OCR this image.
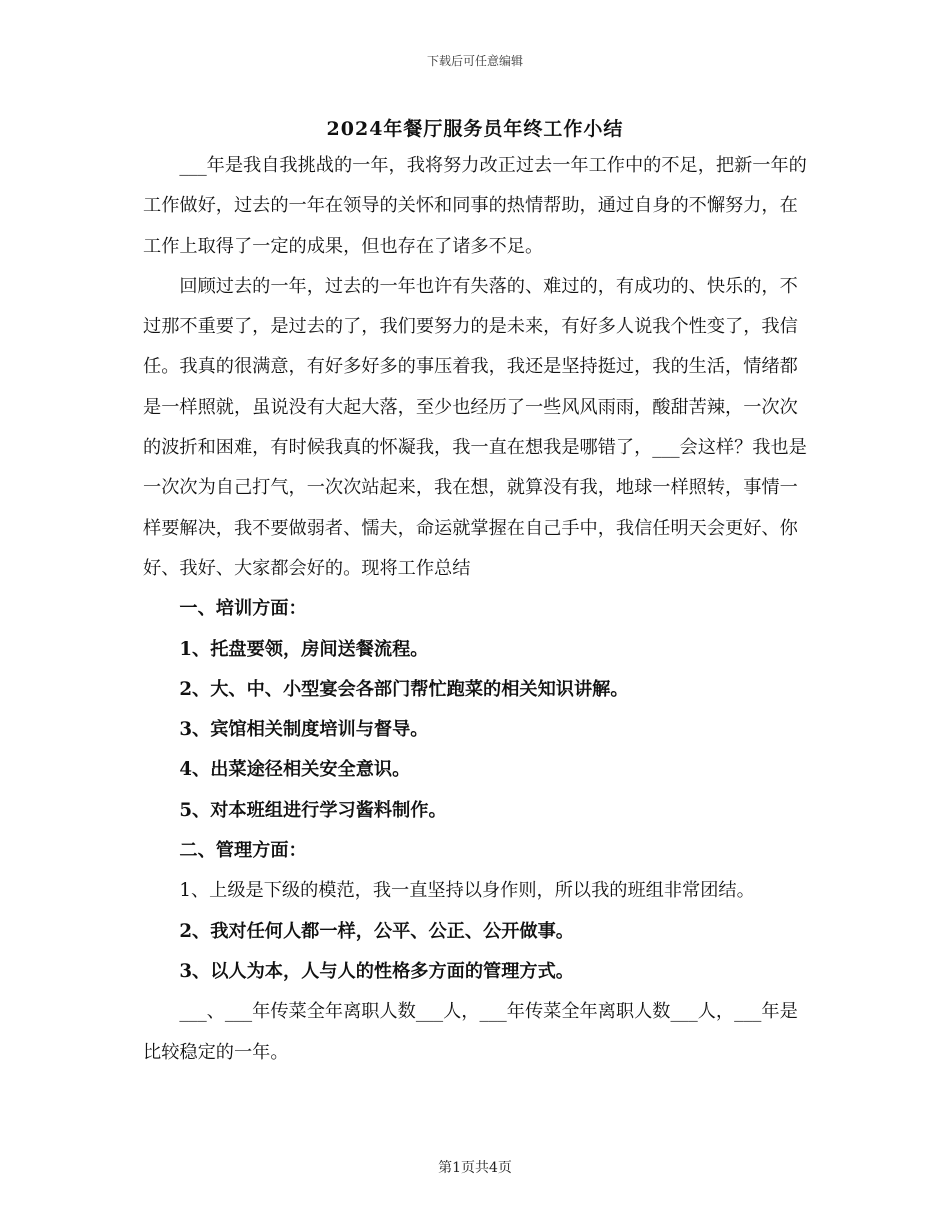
下载后可任意编辑
2024年餐厅服务员年终工作小结

___年是我自我挑战的一年，我将努力改正过去一年工作中的不足，把新一年的工作做好，过去的一年在领导的关怀和同事的热情帮助，通过自身的不懈努力，在工作上取得了一定的成果，但也存在了诸多不足。

回顾过去的一年，过去的一年也许有失落的、难过的，有成功的、快乐的，不过那不重要了，是过去的了，我们要努力的是未来，有好多人说我个性变了，我信任。我真的很满意，有好多好多的事压着我，我还是坚持挺过，我的生活，情绪都是一样照就，虽说没有大起大落，至少也经历了一些风风雨雨，酸甜苦辣，一次次的波折和困难，有时候我真的怀凝我，我一直在想我是哪错了，___会这样？我也是一次次为自己打气，一次次站起来，我在想，就算没有我，地球一样照转，事情一样要解决，我不要做弱者、懦夫，命运就掌握在自己手中，我信任明天会更好、你好、我好、大家都会好的。现将工作总结

一、培训方面：

1、托盘要领，房间送餐流程。

2、大、中、小型宴会各部门帮忙跑菜的相关知识讲解。

3、宾馆相关制度培训与督导。

4、出菜途径相关安全意识。

5、对本班组进行学习酱料制作。

二、管理方面：

1、上级是下级的模范，我一直坚持以身作则，所以我的班组非常团结。

2、我对任何人都一样，公平、公正、公开做事。

3、以人为本，人与人的性格多方面的管理方式。

___、___年传菜全年离职人数___人，___年传菜全年离职人数___人，___年是比较稳定的一年。

第1页共4页
